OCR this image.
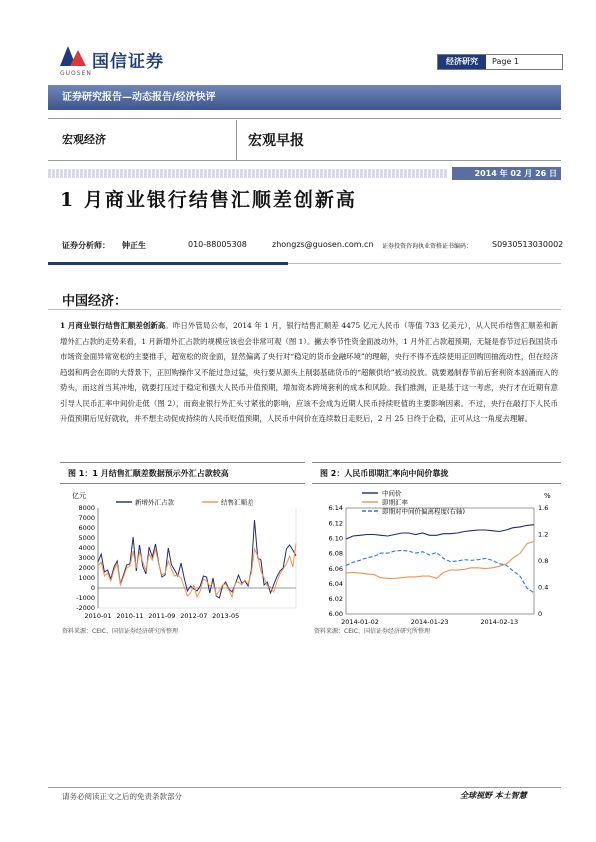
国信证券
GUOSEN
经济研究	Page 1
证券研究报告—动态报告/经济快评
宏观经济	宏观早报
2014 年 02 月 26 日
1 月商业银行结售汇顺差创新高
证券分析师： 钟正生	010-88005308	zhongzs@guosen.com.cn 证券投资咨询执业资格证书编码： S0930513030002
中国经济：
1 月商业银行结售汇顺差创新高。昨日外管局公布，2014 年 1 月，银行结售汇顺差 4475 亿元人民币（等值 733 亿美元），从人民币结售汇顺差和新增外汇占款的走势来看，1 月新增外汇占款的规模应该也会非常可观（图 1）。撇去季节性资金面波动外，1 月外汇占款超预期，无疑是春节过后我国货币市场资金面异常宽松的主要推手，超宽松的资金面，显然偏离了央行对“稳定的货币金融环境”的理解，央行不得不连续使用正回购回抽流动性，但在经济趋弱和两会在即的大背景下，正回购操作又不能过急过猛，央行要从源头上削弱基础货币的“超额供给”被动投放。就要遏制春节前后套利资本汹涌而入的势头，而这首当其冲地，就要打压过于稳定和强大人民币升值预期，增加资本跨境套利的成本和风险。我们推测，正是基于这一考虑，央行才在近期有意引导人民币汇率中间价走低（图 2），而商业银行外汇头寸紧张的影响，应该不会成为近期人民币持续贬值的主要影响因素。不过，央行在敲打下人民币升值预期后见好就收，并不想主动促成持续的人民币贬值预期，人民币中间价在连续数日走贬后，2 月 25 日终于企稳，正可从这一角度去理解。
图 1：1 月结售汇顺差数据预示外汇占款较高
亿元
-2000
-1000
0
1000
2000
3000
4000
5000
6000
7000
8000
2010-01 2010-11 2011-09 2012-07 2013-05
新增外汇占款	结售汇顺差
资料来源：CEIC、国信证券经济研究所整理
图 2：人民币即期汇率向中间价靠拢
%
6.00
6.02
6.04
6.06
6.08
6.10
6.12
6.14
0
0.4
0.8
1.2
1.6
2014-01-02	2014-01-23	2014-02-13
中间价
即期汇率
即期对中间价偏离程度(右轴)
资料来源：CEIC、国信证券经济研究所整理
请务必阅读正文之后的免责条款部分	全球视野 本土智慧
